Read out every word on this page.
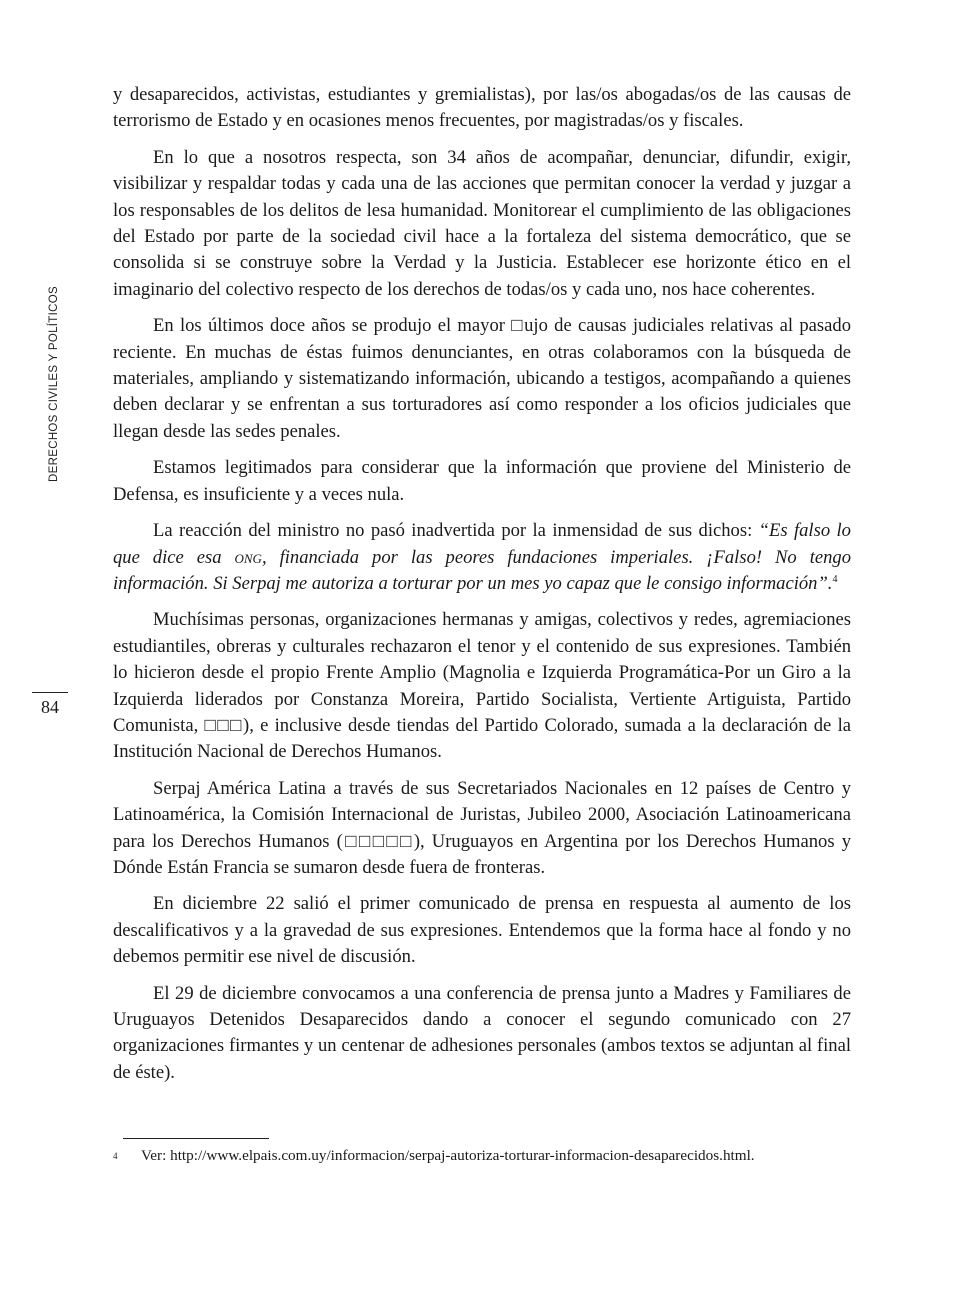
DERECHOS CIVILES Y POLÍTICOS
84

y desaparecidos, activistas, estudiantes y gremialistas), por las/os abogadas/os de las causas de terrorismo de Estado y en ocasiones menos frecuentes, por magistradas/os y fiscales.

En lo que a nosotros respecta, son 34 años de acompañar, denunciar, difundir, exigir, visibilizar y respaldar todas y cada una de las acciones que permitan conocer la verdad y juzgar a los responsables de los delitos de lesa humanidad. Monitorear el cumplimiento de las obligaciones del Estado por parte de la sociedad civil hace a la fortaleza del sistema democrático, que se consolida si se construye sobre la Verdad y la Justicia. Establecer ese horizonte ético en el imaginario del colectivo respecto de los derechos de todas/os y cada uno, nos hace coherentes.

En los últimos doce años se produjo el mayor □ujo de causas judiciales relativas al pasado reciente. En muchas de éstas fuimos denunciantes, en otras colaboramos con la búsqueda de materiales, ampliando y sistematizando información, ubicando a testigos, acompañando a quienes deben declarar y se enfrentan a sus torturadores así como responder a los oficios judiciales que llegan desde las sedes penales.

Estamos legitimados para considerar que la información que proviene del Ministerio de Defensa, es insuficiente y a veces nula.

La reacción del ministro no pasó inadvertida por la inmensidad de sus dichos: “Es falso lo que dice esa ong, financiada por las peores fundaciones imperiales. ¡Falso! No tengo información. Si Serpaj me autoriza a torturar por un mes yo capaz que le consigo información”.$^4$

Muchísimas personas, organizaciones hermanas y amigas, colectivos y redes, agremiaciones estudiantiles, obreras y culturales rechazaron el tenor y el contenido de sus expresiones. También lo hicieron desde el propio Frente Amplio (Magnolia e Izquierda Programática-Por un Giro a la Izquierda liderados por Constanza Moreira, Partido Socialista, Vertiente Artiguista, Partido Comunista, □□□), e inclusive desde tiendas del Partido Colorado, sumada a la declaración de la Institución Nacional de Derechos Humanos.

Serpaj América Latina a través de sus Secretariados Nacionales en 12 países de Centro y Latinoamérica, la Comisión Internacional de Juristas, Jubileo 2000, Asociación Latinoamericana para los Derechos Humanos (□□□□□), Uruguayos en Argentina por los Derechos Humanos y Dónde Están Francia se sumaron desde fuera de fronteras.

En diciembre 22 salió el primer comunicado de prensa en respuesta al aumento de los descalificativos y a la gravedad de sus expresiones. Entendemos que la forma hace al fondo y no debemos permitir ese nivel de discusión.

El 29 de diciembre convocamos a una conferencia de prensa junto a Madres y Familiares de Uruguayos Detenidos Desaparecidos dando a conocer el segundo comunicado con 27 organizaciones firmantes y un centenar de adhesiones personales (ambos textos se adjuntan al final de éste).

4 Ver: http://www.elpais.com.uy/informacion/serpaj-autoriza-torturar-informacion-desaparecidos.html.
